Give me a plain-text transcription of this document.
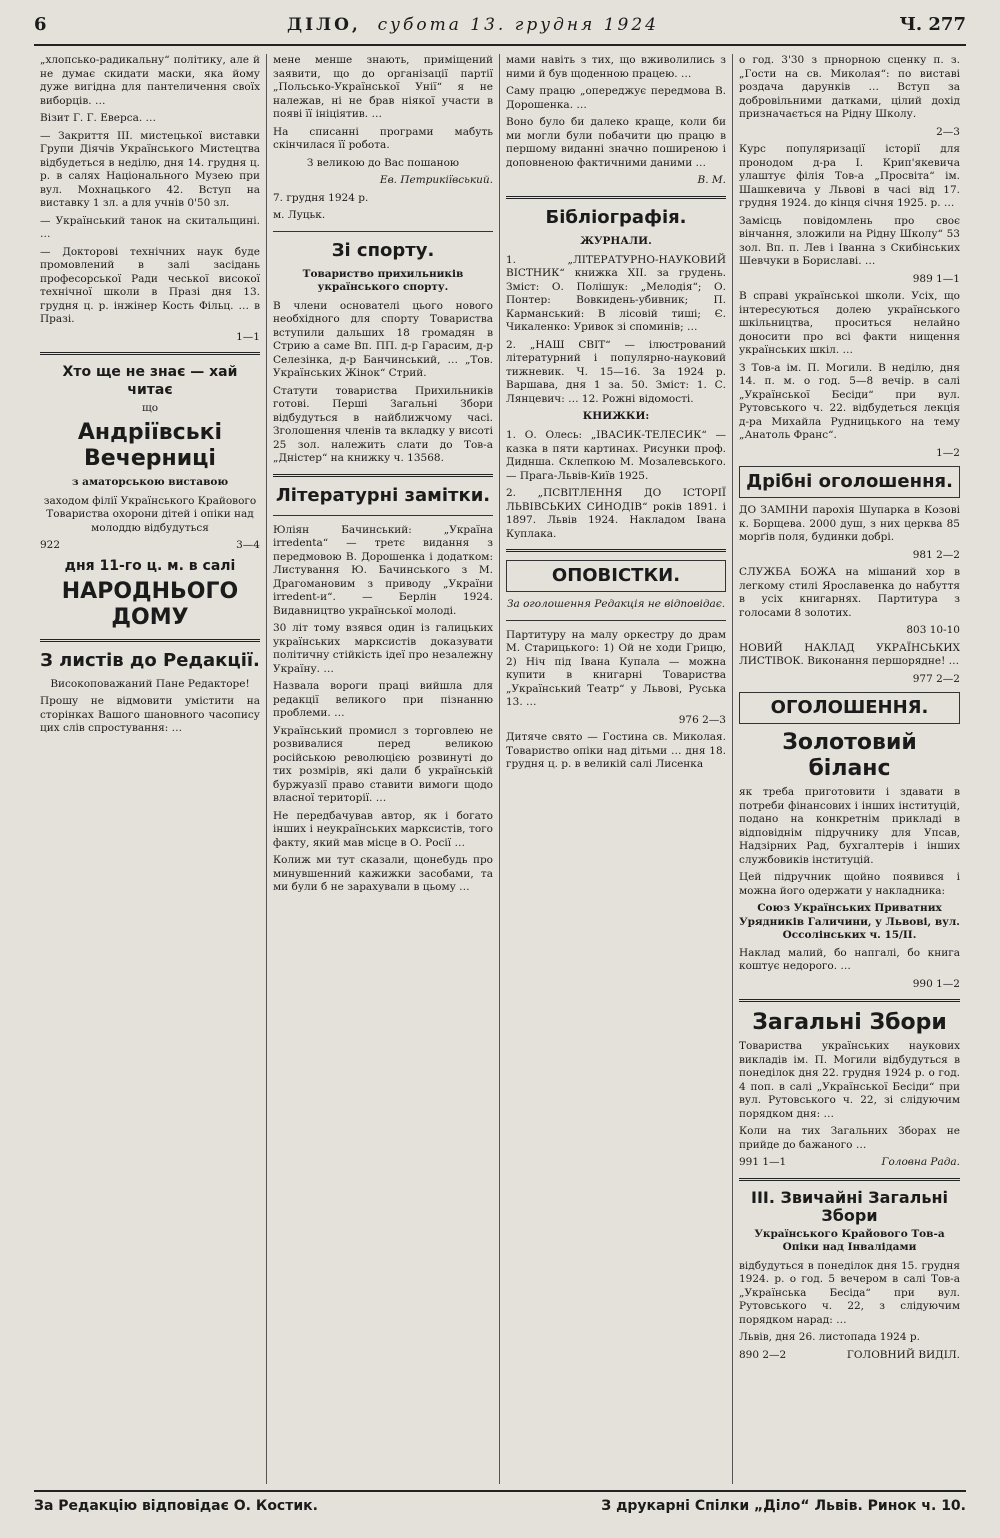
6	ДІЛО, субота 13. грудня 1924	Ч. 277

„хлопсько-радикальну“ політику, але й не думає скидати маски, яка йому дуже вигідна для пантеличення своїх виборців. …

Візит Г. Г. Еверса. …

— Закриття III. мистецької виставки Групи Діячів Українського Мистецтва відбудеться в неділю, дня 14. грудня ц. р. в салях Національного Музею при вул. Мохнацького 42. Вступ на виставку 1 зл. а для учнів 0'50 зл.

— Український танок на скитальщині. …

— Докторові технічних наук буде промовлений в залі засідань професорської Ради чеської високої технічної школи в Празі дня 13. грудня ц. р. інжінер Кость Фільц. … в Празі.

1—1

Хто ще не знає — хай читає
що
Андріївські Вечерниці
з аматорською виставою

заходом філії Українського Крайового Товариства охорони дітей і опіки над молоддю відбудуться

922	3—4
дня 11-го ц. м. в салі
НАРОДНЬОГО ДОМУ
З листів до Редакції.

Високоповажаний Пане Редакторе!

Прошу не відмовити умістити на сторінках Вашого шановного часопису цих слів спростування: …

мене менше знають, приміщений заявити, що до організації партії „Польсько-Української Унії“ я не належав, ні не брав ніякої участи в появі її ініціятив. …

На списанні програми мабуть скінчилася її робота.

З великою до Вас пошаною

Ев. Петрикіївський.

7. грудня 1924 р.

м. Луцьк.

Зі спорту.
Товариство прихильників українського спорту.

В члени основателі цього нового необхідного для спорту Товариства вступили дальших 18 громадян в Стрию а саме Вп. ПП. д-р Гарасим, д-р Селезінка, д-р Банчинський, … „Тов. Українських Жінок“ Стрий.

Статути товариства Прихильників готові. Перші Загальні Збори відбудуться в найближчому часі. Зголошення членів та вкладку у висоті 25 зол. належить слати до Тов-а „Дністер“ на книжку ч. 13568.

Літературні замітки.

Юліян Бачинський: „Україна irredenta“ — третє видання з передмовою В. Дорошенка і додатком: Листування Ю. Бачинського з М. Драгомановим з приводу „України irredent-и“. — Берлін 1924. Видавництво української молоді.

30 літ тому взявся один із галицьких українських марксистів доказувати політичну стійкість ідеї про незалежну Україну. …

Назвала вороги праці вийшла для редакції великого при пізнанню проблеми. …

Український промисл з торговлею не розвивалися перед великою російською революцією розвинуті до тих розмірів, які дали б українській буржуазії право ставити вимоги щодо власної території. …

Не передбачував автор, як і богато інших і неукраїнських марксистів, того факту, який мав місце в О. Росії …

Колиж ми тут сказали, щонебудь про минувшенний кажижки засобами, та ми були б не зарахували в цьому …

мами навіть з тих, що вживолились з ними й був щоденною працею. …

Саму працю „опереджує передмова В. Дорошенка. …

Воно було би далеко краще, коли би ми могли були побачити цю працю в першому виданні значно поширеною і доповненою фактичними даними …

В. М.

Бібліографія.
ЖУРНАЛИ.

1. „ЛІТЕРАТУРНО-НАУКОВИЙ ВІСТНИК“ книжка XII. за грудень. Зміст: О. Полішук: „Мелодія“; О. Понтер: Вовкидень-убивник; П. Карманський: В лісовій тиші; Є. Чикаленко: Уривок зі споминів; …

2. „НАШ СВІТ“ — ілюстрований літературний і популярно-науковий тижневик. Ч. 15—16. За 1924 р. Варшава, дня 1 за. 50. Зміст: 1. С. Лянцевич: … 12. Рожні відомості.

КНИЖКИ:

1. О. Олесь: „ІВАСИК-ТЕЛЕСИК“ — казка в пяти картинах. Рисунки проф. Диднша. Склепкою М. Мозалевського.— Прага-Львів-Київ 1925.

2. „ПСВІТЛЕННЯ ДО ІСТОРІЇ ЛЬВІВСЬКИХ СИНОДІВ“ років 1891. і 1897. Львів 1924. Накладом Івана Куплака.

ОПОВІСТКИ.

За оголошення Редакція не відповідає.

Партитуру на малу оркестру до драм М. Старицького: 1) Ой не ходи Грицю, 2) Ніч під Івана Купала — можна купити в книгарні Товариства „Український Театр“ у Львові, Руська 13. …

976 2—3

Дитяче свято — Гостина св. Миколая. Товариство опіки над дітьми … дня 18. грудня ц. р. в великій салі Лисенка

о год. 3'30 з прнорною сценку п. з. „Гости на св. Миколая“: по виставі роздача дарунків … Вступ за добровільними датками, цілий дохід призначається на Рідну Школу.

2—3

Курс популяризації історії для пронодом д-ра І. Крип'якевича улаштує філія Тов-а „Просвіта“ ім. Шашкевича у Львові в часі від 17. грудня 1924. до кінця січня 1925. р. …

Замісць повідомлень про своє вінчання, зложили на Рідну Школу“ 53 зол. Вп. п. Лев і Іванна з Скибінських Шевчуки в Бориславі. …

989 1—1

В справі українськоі школи. Усіх, що інтересуються долею українського шкільництва, проситься нелайно доносити про всі факти нищення українських шкіл. …

З Тов-а ім. П. Могили. В неділю, дня 14. п. м. о год. 5—8 вечір. в салі „Української Бесіди“ при вул. Рутовського ч. 22. відбудеться лекція д-ра Михайла Рудницького на тему „Анатоль Франс“.

1—2

Дрібні оголошення.

ДО ЗАМІНИ парохія Шупарка в Козові к. Борщева. 2000 душ, з них церква 85 морґів поля, будинки добрі.

981 2—2

СЛУЖБА БОЖА на мішаний хор в легкому стилі Ярославенка до набуття в усіх книгарнях. Партитура з голосами 8 золотих.

803 10-10

НОВИЙ НАКЛАД УКРАЇНСЬКИХ ЛИСТІВОК. Виконання першорядне! …

977 2—2

ОГОЛОШЕННЯ.
Золотовий біланс

як треба приготовити і здавати в потреби фінансових і інших інституцій, подано на конкретнім прикладі в відповіднім підручнику для Упсав, Надзірних Рад, бухгалтерів і інших службовиків інституцій.

Цей підручник щойно появився і можна його одержати у накладника:

Союз Українських Приватних Урядників Галичини, у Львові, вул. Оссолінських ч. 15/ІІ.

Наклад малий, бо напгалі, бо книга коштує недорого. …

990 1—2

Загальні Збори

Товариства українських наукових викладів ім. П. Могили відбудуться в понеділок дня 22. грудня 1924 р. о год. 4 поп. в салі „Української Бесіди“ при вул. Рутовського ч. 22, зі слідуючим порядком дня: …

Коли на тих Загальних Зборах не прийде до бажаного …

991 1—1	Головна Рада.
III. Звичайні Загальні Збори
Українського Крайового Тов-а Опіки над Інвалідами

відбудуться в понеділок дня 15. грудня 1924. р. о год. 5 вечером в салі Тов-а „Українська Бесіда“ при вул. Рутовського ч. 22, з слідуючим порядком нарад: …

Львів, дня 26. листопада 1924 р.

890 2—2	ГОЛОВНИЙ ВИДІЛ.
За Редакцію відповідає О. Костик.	З друкарні Спілки „Діло“ Львів. Ринок ч. 10.
